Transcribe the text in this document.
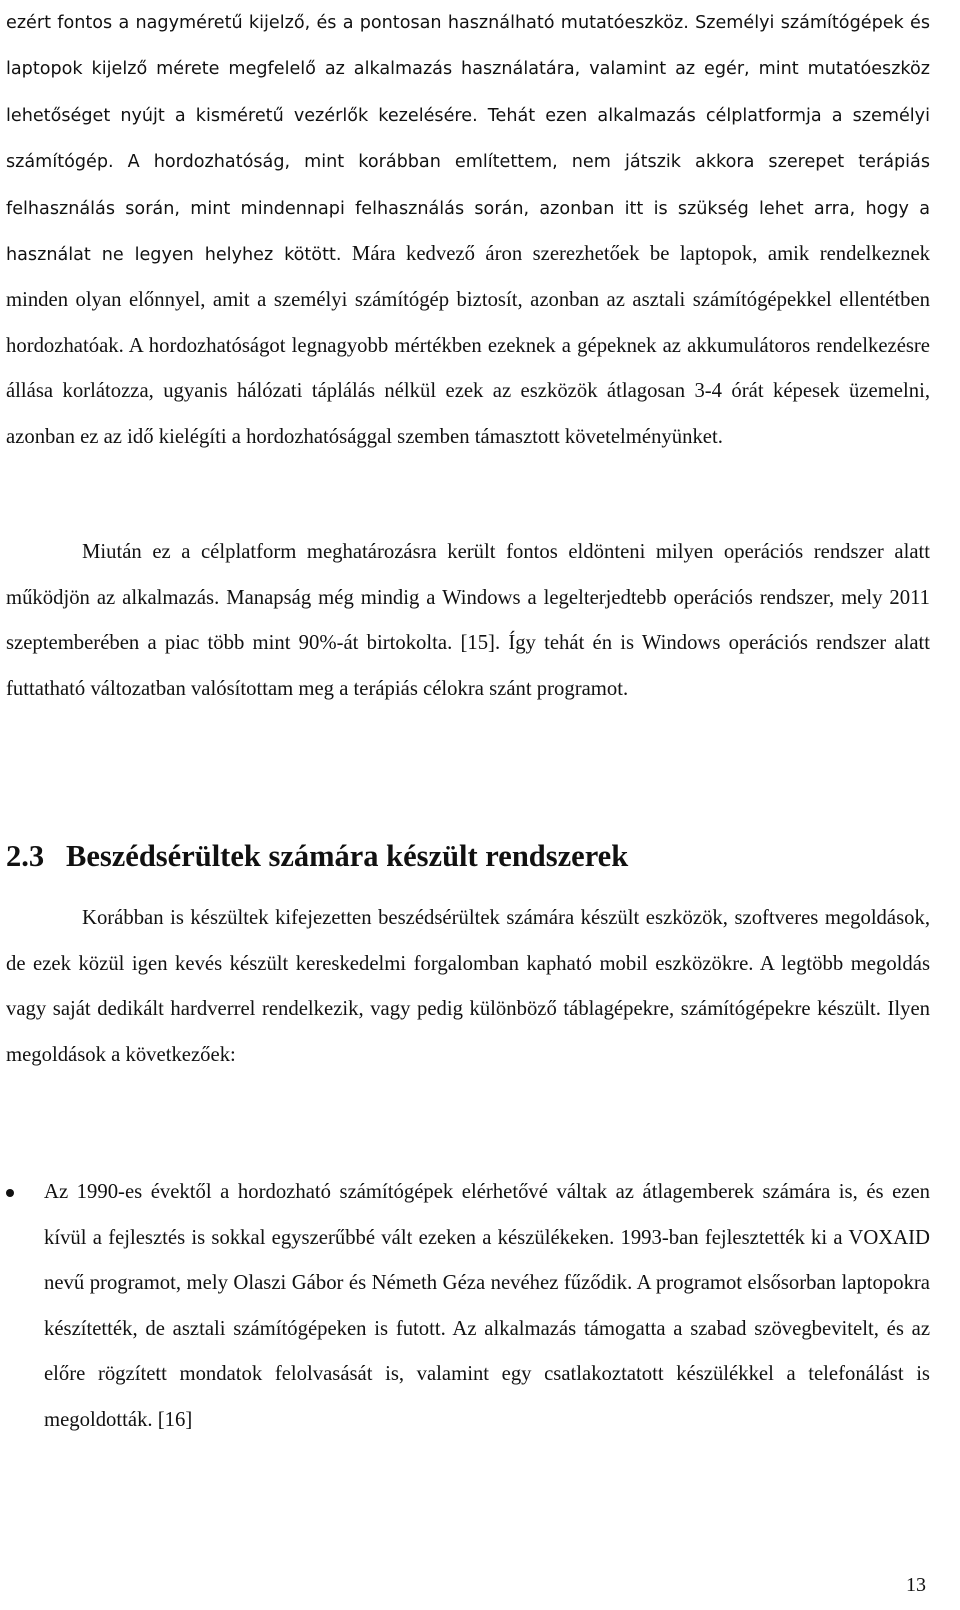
ezért fontos a nagyméretű kijelző, és a pontosan használható mutatóeszköz. Személyi számítógépek és laptopok kijelző mérete megfelelő az alkalmazás használatára, valamint az egér, mint mutatóeszköz lehetőséget nyújt a kisméretű vezérlők kezelésére. Tehát ezen alkalmazás célplatformja a személyi számítógép. A hordozhatóság, mint korábban említettem, nem játszik akkora szerepet terápiás felhasználás során, mint mindennapi felhasználás során, azonban itt is szükség lehet arra, hogy a használat ne legyen helyhez kötött. Mára kedvező áron szerezhetőek be laptopok, amik rendelkeznek minden olyan előnnyel, amit a személyi számítógép biztosít, azonban az asztali számítógépekkel ellentétben hordozhatóak. A hordozhatóságot legnagyobb mértékben ezeknek a gépeknek az akkumulátoros rendelkezésre állása korlátozza, ugyanis hálózati táplálás nélkül ezek az eszközök átlagosan 3-4 órát képesek üzemelni, azonban ez az idő kielégíti a hordozhatósággal szemben támasztott követelményünket.

Miután ez a célplatform meghatározásra került fontos eldönteni milyen operációs rendszer alatt működjön az alkalmazás. Manapság még mindig a Windows a legelterjedtebb operációs rendszer, mely 2011 szeptemberében a piac több mint 90%-át birtokolta. [15]. Így tehát én is Windows operációs rendszer alatt futtatható változatban valósítottam meg a terápiás célokra szánt programot.

2.3 Beszédsérültek számára készült rendszerek

Korábban is készültek kifejezetten beszédsérültek számára készült eszközök, szoftveres megoldások, de ezek közül igen kevés készült kereskedelmi forgalomban kapható mobil eszközökre. A legtöbb megoldás vagy saját dedikált hardverrel rendelkezik, vagy pedig különböző táblagépekre, számítógépekre készült. Ilyen megoldások a következőek:

Az 1990-es évektől a hordozható számítógépek elérhetővé váltak az átlagemberek számára is, és ezen kívül a fejlesztés is sokkal egyszerűbbé vált ezeken a készülékeken. 1993-ban fejlesztették ki a VOXAID nevű programot, mely Olaszi Gábor és Németh Géza nevéhez fűződik. A programot elsősorban laptopokra készítették, de asztali számítógépeken is futott. Az alkalmazás támogatta a szabad szövegbevitelt, és az előre rögzített mondatok felolvasását is, valamint egy csatlakoztatott készülékkel a telefonálást is megoldották. [16]

13
